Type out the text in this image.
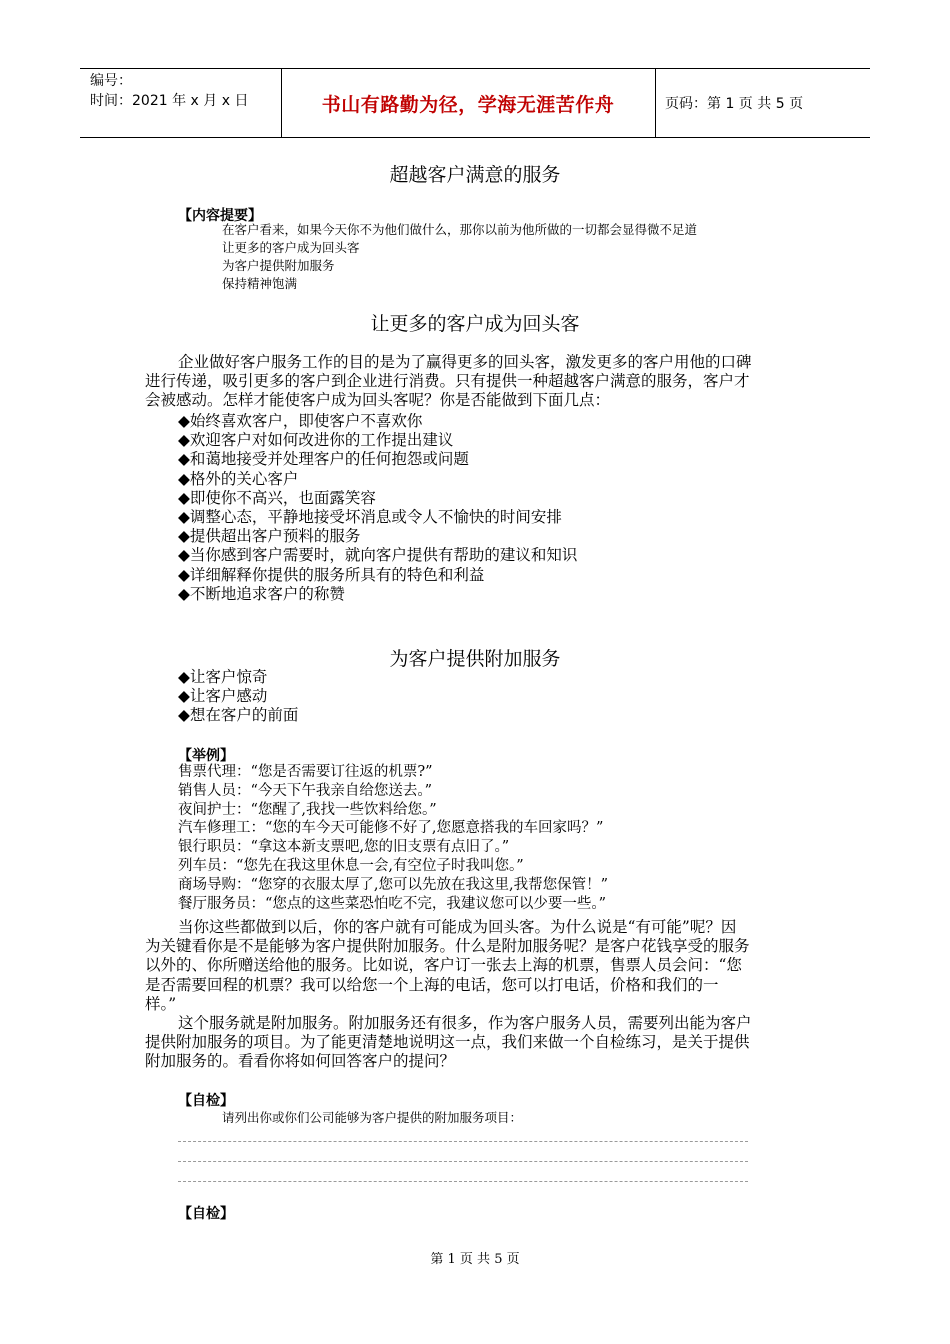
编号：
时间：2021 年 x 月 x 日	书山有路勤为径，学海无涯苦作舟	页码：第 1 页 共 5 页
超越客户满意的服务
【内容提要】
在客户看来，如果今天你不为他们做什么，那你以前为他所做的一切都会显得微不足道
让更多的客户成为回头客
为客户提供附加服务
保持精神饱满
让更多的客户成为回头客
企业做好客户服务工作的目的是为了赢得更多的回头客，激发更多的客户用他的口碑
进行传递，吸引更多的客户到企业进行消费。只有提供一种超越客户满意的服务，客户才
会被感动。怎样才能使客户成为回头客呢？你是否能做到下面几点：
◆始终喜欢客户，即使客户不喜欢你
◆欢迎客户对如何改进你的工作提出建议
◆和蔼地接受并处理客户的任何抱怨或问题
◆格外的关心客户
◆即使你不高兴，也面露笑容
◆调整心态，平静地接受坏消息或令人不愉快的时间安排
◆提供超出客户预料的服务
◆当你感到客户需要时，就向客户提供有帮助的建议和知识
◆详细解释你提供的服务所具有的特色和利益
◆不断地追求客户的称赞
为客户提供附加服务
◆让客户惊奇
◆让客户感动
◆想在客户的前面
【举例】
售票代理：“您是否需要订往返的机票?”
销售人员：“今天下午我亲自给您送去。”
夜间护士：“您醒了,我找一些饮料给您。”
汽车修理工：“您的车今天可能修不好了,您愿意搭我的车回家吗？”
银行职员：“拿这本新支票吧,您的旧支票有点旧了。”
列车员：“您先在我这里休息一会,有空位子时我叫您。”
商场导购：“您穿的衣服太厚了,您可以先放在我这里,我帮您保管！”
餐厅服务员：“您点的这些菜恐怕吃不完，我建议您可以少要一些。”
当你这些都做到以后，你的客户就有可能成为回头客。为什么说是“有可能”呢？因
为关键看你是不是能够为客户提供附加服务。什么是附加服务呢？是客户花钱享受的服务
以外的、你所赠送给他的服务。比如说，客户订一张去上海的机票，售票人员会问：“您
是否需要回程的机票？我可以给您一个上海的电话，您可以打电话，价格和我们的一
样。”
这个服务就是附加服务。附加服务还有很多，作为客户服务人员，需要列出能为客户
提供附加服务的项目。为了能更清楚地说明这一点，我们来做一个自检练习，是关于提供
附加服务的。看看你将如何回答客户的提问？
【自检】
请列出你或你们公司能够为客户提供的附加服务项目：
【自检】
第 1 页 共 5 页
